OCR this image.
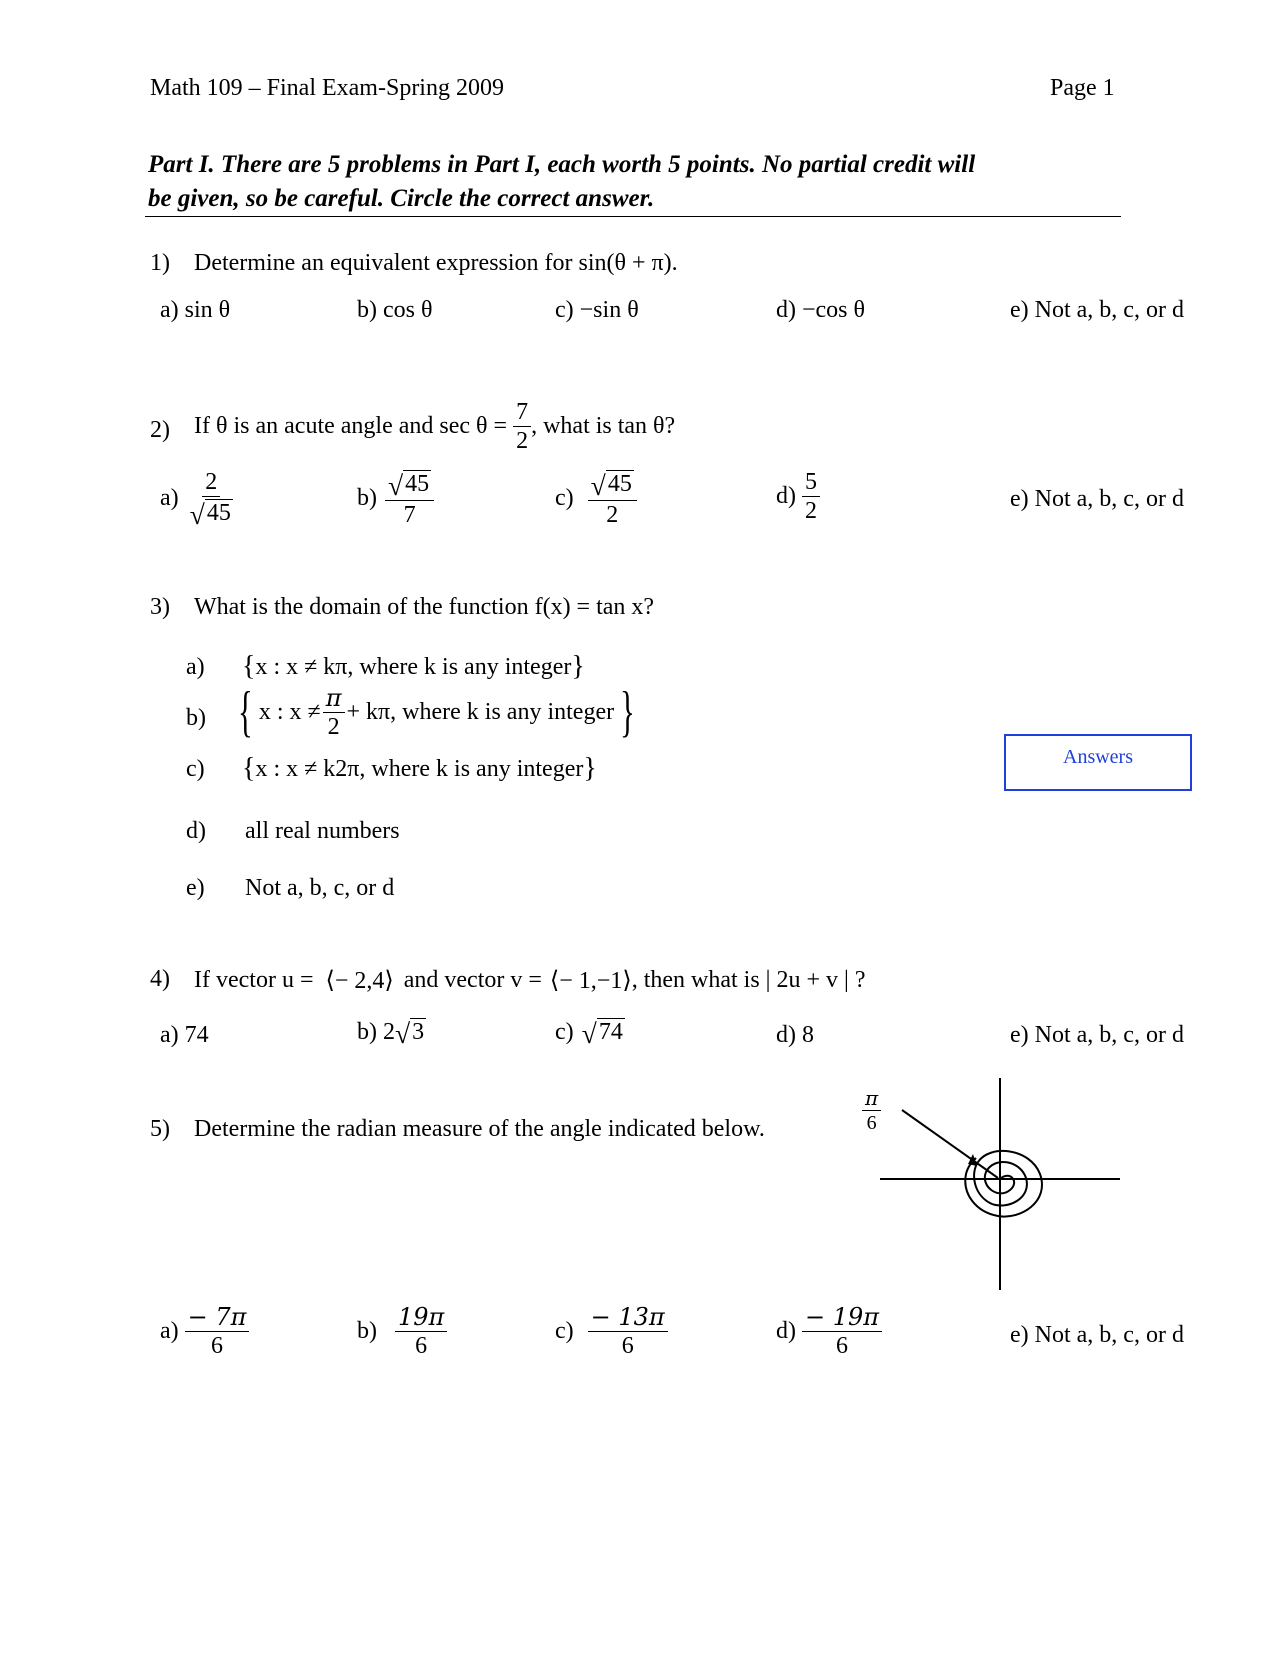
Math 109 – Final Exam-Spring 2009	Page 1
Part I. There are 5 problems in Part I, each worth 5 points. No partial credit will
be given, so be careful. Circle the correct answer.
1) Determine an equivalent expression for sin(θ + π).
a) sin θ	b) cos θ	c) −sin θ	d) −cos θ	e) Not a, b, c, or d
2) If θ is an acute angle and $\sec \theta = \frac{7}{2}$ , what is tan θ?
$a) \frac{2}{√ 45}$	$b) \frac{√ 45}{7}$	$c) \frac{√ 45}{2}$	$d) \frac{5}{2}$	e) Not a, b, c, or d
3) What is the domain of the function f(x) = tan x?
a) { x : x ≠ kπ, where k is any integer }
b) { x : $x \ne \frac{\pi}{2} + k\pi$, where k is any integer }
c) { x : x ≠ k2π, where k is any integer }
d) all real numbers
e) Not a, b, c, or d
Answers
4) If vector u = ⟨− 2,4⟩ and vector v = ⟨− 1,−1⟩ , then what is | 2u + v | ?
a) 74	b) 2 √ 3	c) √ 74	d) 8	e) Not a, b, c, or d
5) Determine the radian measure of the angle indicated below.	$\frac{\pi}{6}$
$a) \frac{- 7\pi}{6}$	$b) \frac{19\pi}{6}$	$c) \frac{- 13\pi}{6}$	$d) \frac{- 19\pi}{6}$	e) Not a, b, c, or d
